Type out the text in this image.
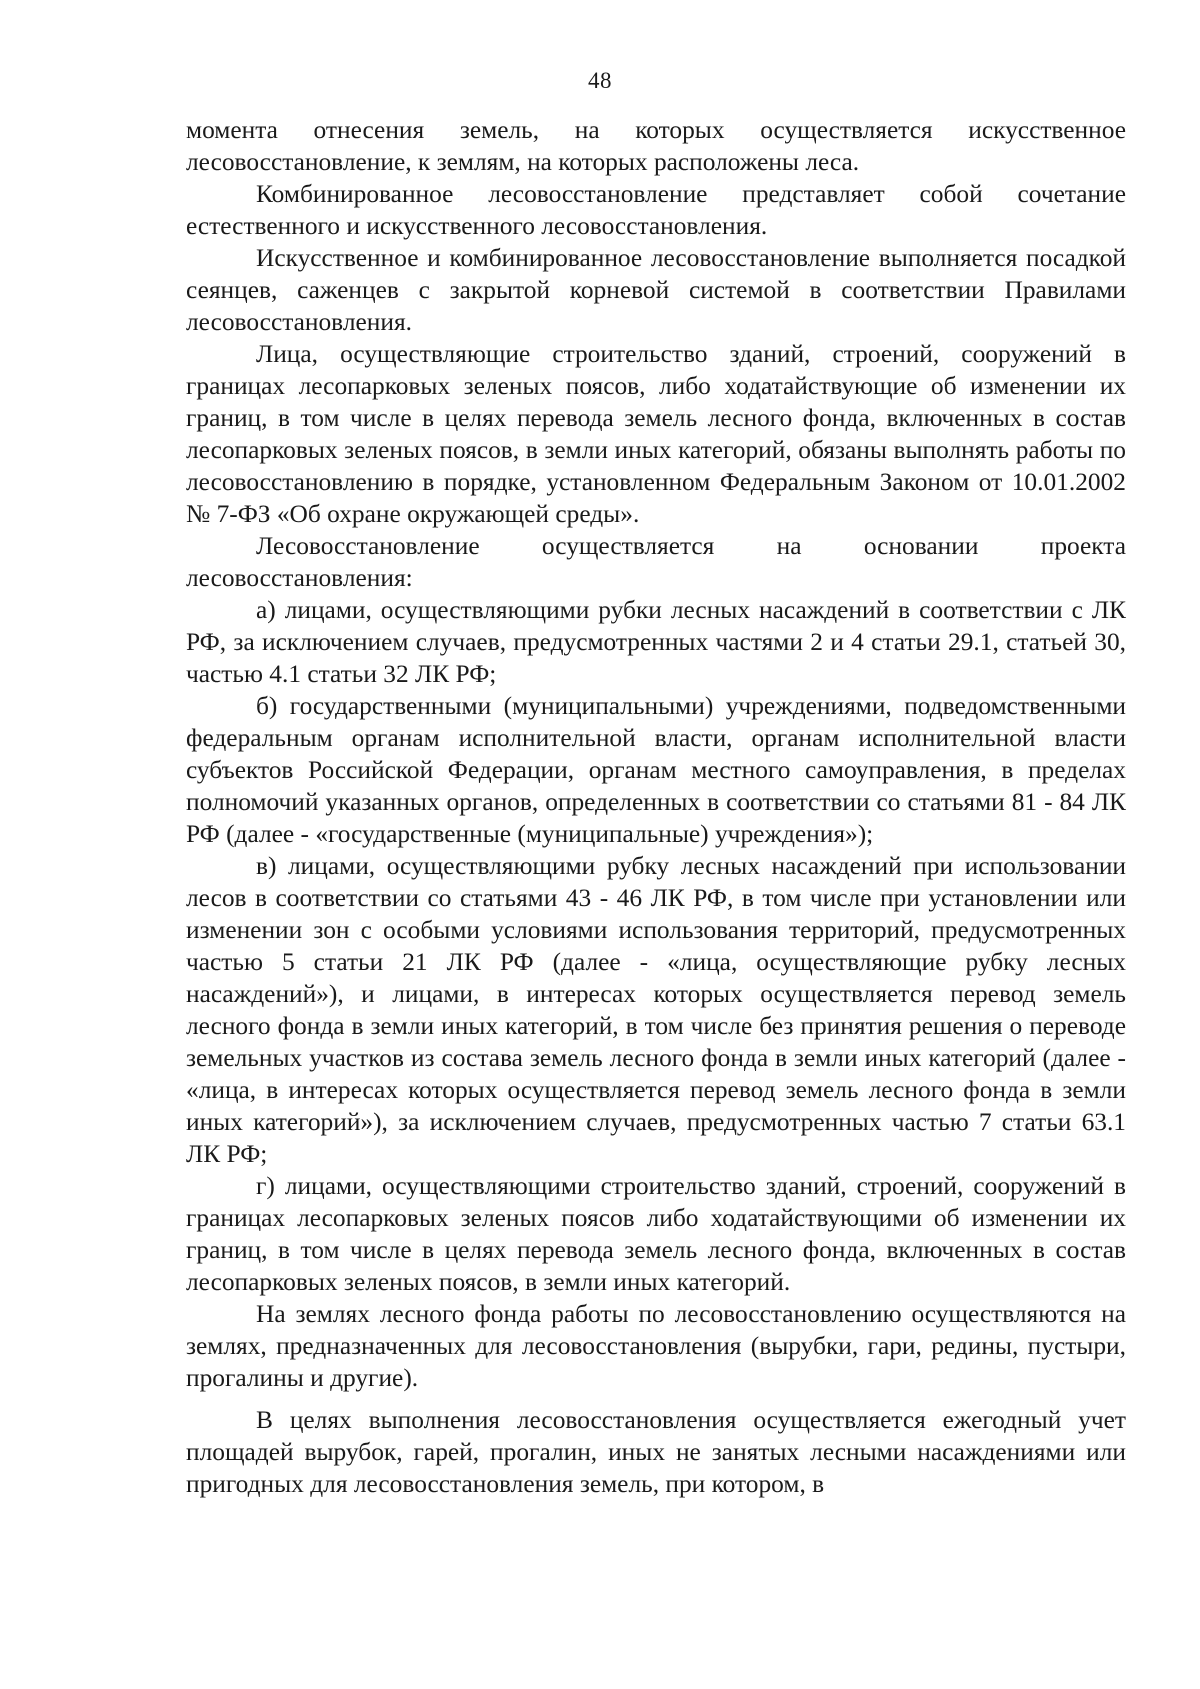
48

момента отнесения земель, на которых осуществляется искусственное лесовосстановление, к землям, на которых расположены леса.

Комбинированное лесовосстановление представляет собой сочетание естественного и искусственного лесовосстановления.

Искусственное и комбинированное лесовосстановление выполняется посадкой сеянцев, саженцев с закрытой корневой системой в соответствии Правилами лесовосстановления.

Лица, осуществляющие строительство зданий, строений, сооружений в границах лесопарковых зеленых поясов, либо ходатайствующие об изменении их границ, в том числе в целях перевода земель лесного фонда, включенных в состав лесопарковых зеленых поясов, в земли иных категорий, обязаны выполнять работы по лесовосстановлению в порядке, установленном Федеральным Законом от 10.01.2002 № 7-ФЗ «Об охране окружающей среды».

Лесовосстановление осуществляется на основании проекта лесовосстановления:

а) лицами, осуществляющими рубки лесных насаждений в соответствии с ЛК РФ, за исключением случаев, предусмотренных частями 2 и 4 статьи 29.1, статьей 30, частью 4.1 статьи 32 ЛК РФ;

б) государственными (муниципальными) учреждениями, подведомственными федеральным органам исполнительной власти, органам исполнительной власти субъектов Российской Федерации, органам местного самоуправления, в пределах полномочий указанных органов, определенных в соответствии со статьями 81 - 84 ЛК РФ (далее - «государственные (муниципальные) учреждения»);

в) лицами, осуществляющими рубку лесных насаждений при использовании лесов в соответствии со статьями 43 - 46 ЛК РФ, в том числе при установлении или изменении зон с особыми условиями использования территорий, предусмотренных частью 5 статьи 21 ЛК РФ (далее - «лица, осуществляющие рубку лесных насаждений»), и лицами, в интересах которых осуществляется перевод земель лесного фонда в земли иных категорий, в том числе без принятия решения о переводе земельных участков из состава земель лесного фонда в земли иных категорий (далее - «лица, в интересах которых осуществляется перевод земель лесного фонда в земли иных категорий»), за исключением случаев, предусмотренных частью 7 статьи 63.1 ЛК РФ;

г) лицами, осуществляющими строительство зданий, строений, сооружений в границах лесопарковых зеленых поясов либо ходатайствующими об изменении их границ, в том числе в целях перевода земель лесного фонда, включенных в состав лесопарковых зеленых поясов, в земли иных категорий.

На землях лесного фонда работы по лесовосстановлению осуществляются на землях, предназначенных для лесовосстановления (вырубки, гари, редины, пустыри, прогалины и другие).

В целях выполнения лесовосстановления осуществляется ежегодный учет площадей вырубок, гарей, прогалин, иных не занятых лесными насаждениями или пригодных для лесовосстановления земель, при котором, в
